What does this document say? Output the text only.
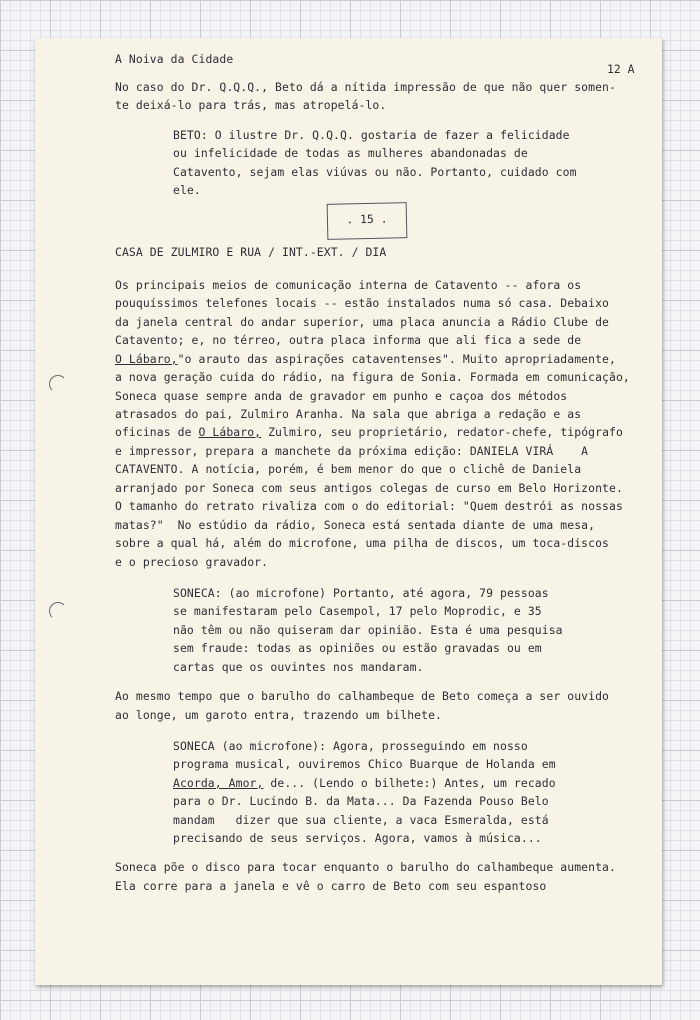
A Noiva da Cidade
12 A
No caso do Dr. Q.Q.Q., Beto dá a nítida impressão de que não quer somen-
te deixá-lo para trás, mas atropelá-lo.
BETO: O ilustre Dr. Q.Q.Q. gostaria de fazer a felicidade
ou infelicidade de todas as mulheres abandonadas de
Catavento, sejam elas viúvas ou não. Portanto, cuidado com
ele.
. 15 .
CASA DE ZULMIRO E RUA / INT.-EXT. / DIA
Os principais meios de comunicação interna de Catavento -- afora os
pouquíssimos telefones locais -- estão instalados numa só casa. Debaixo
da janela central do andar superior, uma placa anuncia a Rádio Clube de
Catavento; e, no térreo, outra placa informa que ali fica a sede de
O Lábaro,"o arauto das aspirações cataventenses". Muito apropriadamente,
a nova geração cuida do rádio, na figura de Sonia. Formada em comunicação,
Soneca quase sempre anda de gravador em punho e caçoa dos métodos
atrasados do pai, Zulmiro Aranha. Na sala que abriga a redação e as
oficinas de O Lábaro, Zulmiro, seu proprietário, redator-chefe, tipógrafo
e impressor, prepara a manchete da próxima edição: DANIELA VIRÁ    A
CATAVENTO. A notícia, porém, é bem menor do que o clichê de Daniela
arranjado por Soneca com seus antigos colegas de curso em Belo Horizonte.
O tamanho do retrato rivaliza com o do editorial: "Quem destrói as nossas
matas?"  No estúdio da rádio, Soneca está sentada diante de uma mesa,
sobre a qual há, além do microfone, uma pilha de discos, um toca-discos
e o precioso gravador.
SONECA: (ao microfone) Portanto, até agora, 79 pessoas
se manifestaram pelo Casempol, 17 pelo Moprodic, e 35
não têm ou não quiseram dar opinião. Esta é uma pesquisa
sem fraude: todas as opiniões ou estão gravadas ou em
cartas que os ouvintes nos mandaram.
Ao mesmo tempo que o barulho do calhambeque de Beto começa a ser ouvido
ao longe, um garoto entra, trazendo um bilhete.
SONECA (ao microfone): Agora, prosseguindo em nosso
programa musical, ouviremos Chico Buarque de Holanda em
Acorda, Amor, de... (Lendo o bilhete:) Antes, um recado
para o Dr. Lucindo B. da Mata... Da Fazenda Pouso Belo
mandam   dizer que sua cliente, a vaca Esmeralda, está
precisando de seus serviços. Agora, vamos à música...
Soneca põe o disco para tocar enquanto o barulho do calhambeque aumenta.
Ela corre para a janela e vê o carro de Beto com seu espantoso
